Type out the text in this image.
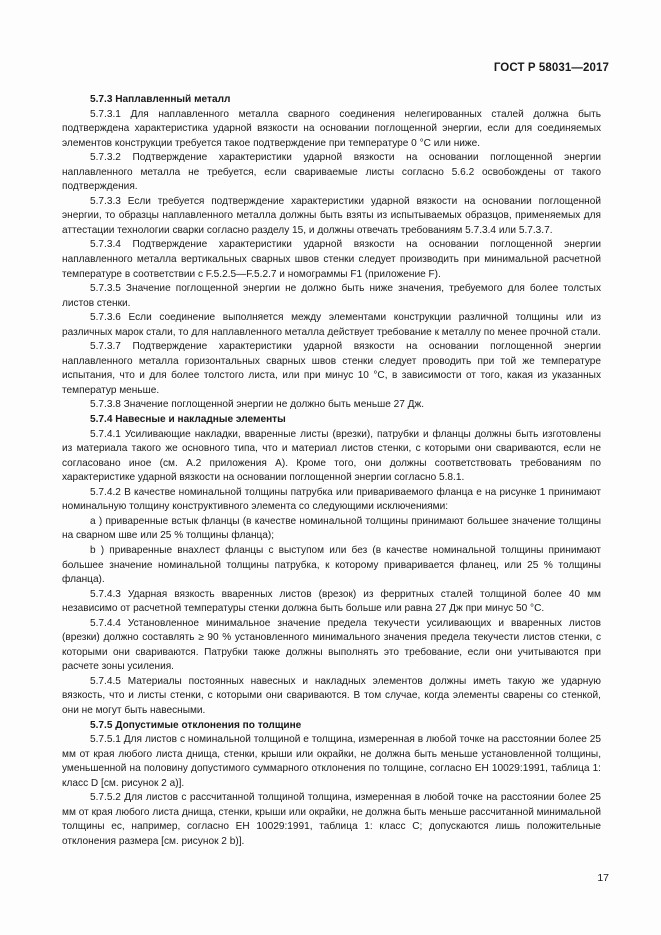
ГОСТ Р 58031—2017

5.7.3 Наплавленный металл

5.7.3.1 Для наплавленного металла сварного соединения нелегированных сталей должна быть подтверждена характеристика ударной вязкости на основании поглощенной энергии, если для соединяемых элементов конструкции требуется такое подтверждение при температуре 0 °С или ниже.

5.7.3.2 Подтверждение характеристики ударной вязкости на основании поглощенной энергии наплавленного металла не требуется, если свариваемые листы согласно 5.6.2 освобождены от такого подтверждения.

5.7.3.3 Если требуется подтверждение характеристики ударной вязкости на основании поглощенной энергии, то образцы наплавленного металла должны быть взяты из испытываемых образцов, применяемых для аттестации технологии сварки согласно разделу 15, и должны отвечать требованиям 5.7.3.4 или 5.7.3.7.

5.7.3.4 Подтверждение характеристики ударной вязкости на основании поглощенной энергии наплавленного металла вертикальных сварных швов стенки следует производить при минимальной расчетной температуре в соответствии с F.5.2.5—F.5.2.7 и номограммы F1 (приложение F).

5.7.3.5 Значение поглощенной энергии не должно быть ниже значения, требуемого для более толстых листов стенки.

5.7.3.6 Если соединение выполняется между элементами конструкции различной толщины или из различных марок стали, то для наплавленного металла действует требование к металлу по менее прочной стали.

5.7.3.7 Подтверждение характеристики ударной вязкости на основании поглощенной энергии наплавленного металла горизонтальных сварных швов стенки следует проводить при той же температуре испытания, что и для более толстого листа, или при минус 10 °С, в зависимости от того, какая из указанных температур меньше.

5.7.3.8 Значение поглощенной энергии не должно быть меньше 27 Дж.

5.7.4 Навесные и накладные элементы

5.7.4.1 Усиливающие накладки, вваренные листы (врезки), патрубки и фланцы должны быть изготовлены из материала такого же основного типа, что и материал листов стенки, с которыми они свариваются, если не согласовано иное (см. А.2 приложения А). Кроме того, они должны соответствовать требованиям по характеристике ударной вязкости на основании поглощенной энергии согласно 5.8.1.

5.7.4.2 В качестве номинальной толщины патрубка или привариваемого фланца e на рисунке 1 принимают номинальную толщину конструктивного элемента со следующими исключениями:

a ) приваренные встык фланцы (в качестве номинальной толщины принимают большее значение толщины на сварном шве или 25 % толщины фланца);

b ) приваренные внахлест фланцы с выступом или без (в качестве номинальной толщины принимают большее значение номинальной толщины патрубка, к которому приваривается фланец, или 25 % толщины фланца).

5.7.4.3 Ударная вязкость вваренных листов (врезок) из ферритных сталей толщиной более 40 мм независимо от расчетной температуры стенки должна быть больше или равна 27 Дж при минус 50 °С.

5.7.4.4 Установленное минимальное значение предела текучести усиливающих и вваренных листов (врезки) должно составлять ≥ 90 % установленного минимального значения предела текучести листов стенки, с которыми они свариваются. Патрубки также должны выполнять это требование, если они учитываются при расчете зоны усиления.

5.7.4.5 Материалы постоянных навесных и накладных элементов должны иметь такую же ударную вязкость, что и листы стенки, с которыми они свариваются. В том случае, когда элементы сварены со стенкой, они не могут быть навесными.

5.7.5 Допустимые отклонения по толщине

5.7.5.1 Для листов с номинальной толщиной e толщина, измеренная в любой точке на расстоянии более 25 мм от края любого листа днища, стенки, крыши или окрайки, не должна быть меньше установленной толщины, уменьшенной на половину допустимого суммарного отклонения по толщине, согласно ЕН 10029:1991, таблица 1: класс D [см. рисунок 2 a)].

5.7.5.2 Для листов с рассчитанной толщиной толщина, измеренная в любой точке на расстоянии более 25 мм от края любого листа днища, стенки, крыши или окрайки, не должна быть меньше рассчитанной минимальной толщины ec, например, согласно ЕН 10029:1991, таблица 1: класс С; допускаются лишь положительные отклонения размера [см. рисунок 2 b)].

17
